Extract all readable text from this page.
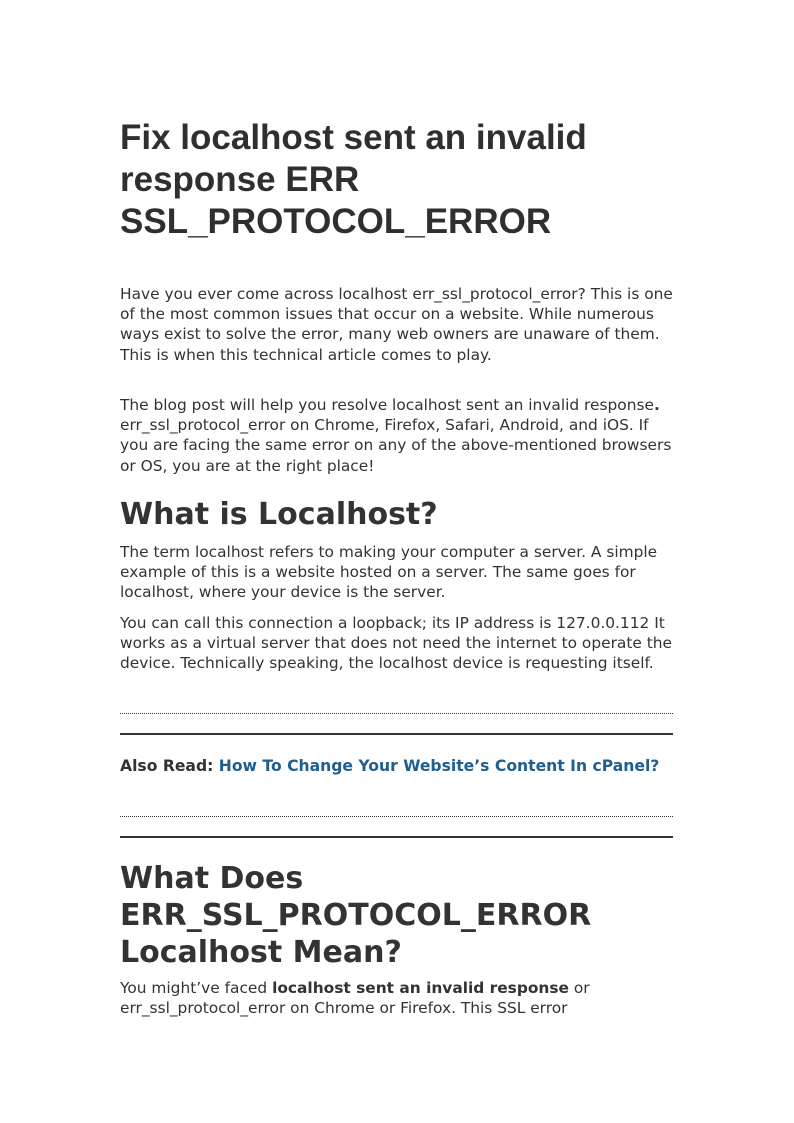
Fix localhost sent an invalid response ERR SSL_PROTOCOL_ERROR

Have you ever come across localhost err_ssl_protocol_error? This is one of the most common issues that occur on a website. While numerous ways exist to solve the error, many web owners are unaware of them. This is when this technical article comes to play.

The blog post will help you resolve localhost sent an invalid response. err_ssl_protocol_error on Chrome, Firefox, Safari, Android, and iOS. If you are facing the same error on any of the above-mentioned browsers or OS, you are at the right place!

What is Localhost?

The term localhost refers to making your computer a server. A simple example of this is a website hosted on a server. The same goes for localhost, where your device is the server.

You can call this connection a loopback; its IP address is 127.0.0.112 It works as a virtual server that does not need the internet to operate the device. Technically speaking, the localhost device is requesting itself.

Also Read: How To Change Your Website’s Content In cPanel?

What Does ERR_SSL_PROTOCOL_ERROR Localhost Mean?

You might’ve faced localhost sent an invalid response or err_ssl_protocol_error on Chrome or Firefox. This SSL error
